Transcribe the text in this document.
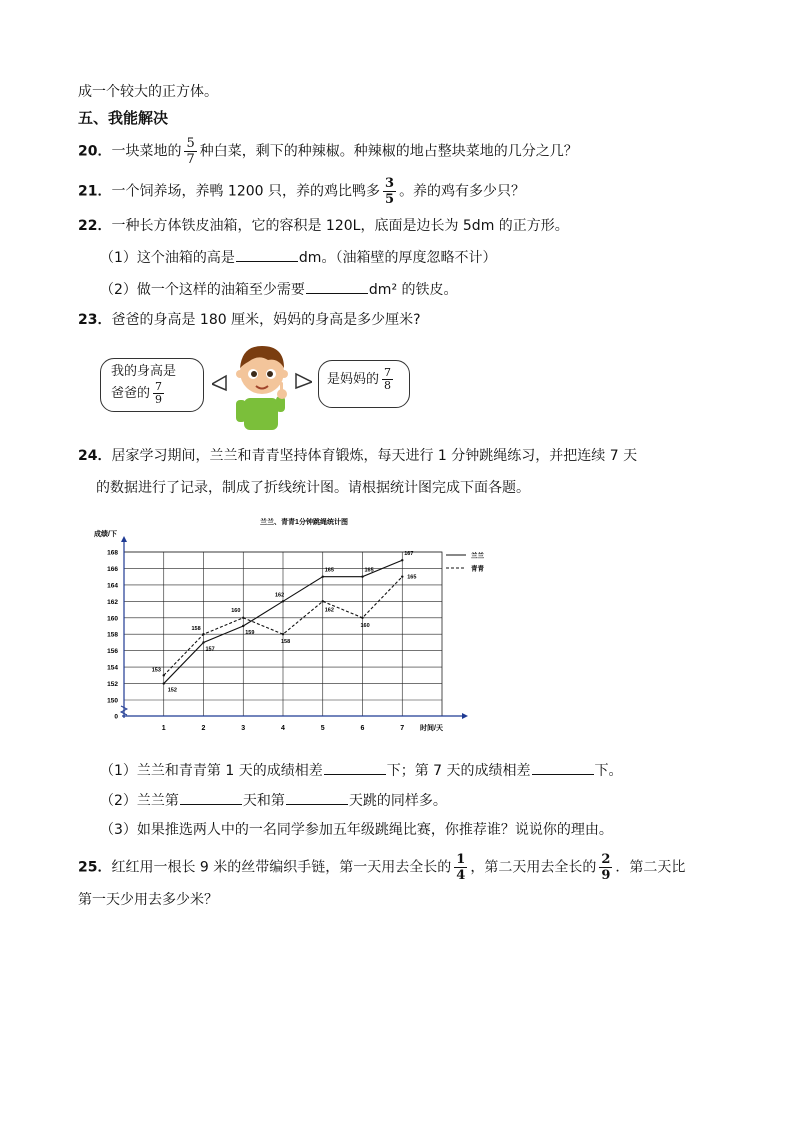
成一个较大的正方体。
五、我能解决
20．一块菜地的 $\frac{5}{7}$ 种白菜，剩下的种辣椒。种辣椒的地占整块菜地的几分之几？
21．一个饲养场，养鸭 1200 只，养的鸡比鸭多 $\frac{3}{5}$ 。养的鸡有多少只？
22．一种长方体铁皮油箱，它的容积是 120L，底面是边长为 5dm 的正方形。
（1）这个油箱的高是	dm。（油箱壁的厚度忽略不计）
（2）做一个这样的油箱至少需要	dm² 的铁皮。
23．爸爸的身高是 180 厘米，妈妈的身高是多少厘米?
我的身高是
爸爸的 $\frac{7}{9}$
是妈妈的 $\frac{7}{8}$
24．居家学习期间，兰兰和青青坚持体育锻炼，每天进行 1 分钟跳绳练习，并把连续 7 天
的数据进行了记录，制成了折线统计图。请根据统计图完成下面各题。
兰兰、青青1分钟跳绳统计图
成绩/下
时间/天
0
150
152
154
156
158
160
162
164
166
168
1	2	3	4	5	6	7
152
157
159
162
165	165
167
153
158
160
158
162
160
165
兰兰
青青
（1）兰兰和青青第 1 天的成绩相差	下；第 7 天的成绩相差	下。
（2）兰兰第	天和第	天跳的同样多。
（3）如果推选两人中的一名同学参加五年级跳绳比赛，你推荐谁？说说你的理由。
25．红红用一根长 9 米的丝带编织手链，第一天用去全长的 $\frac{1}{4}$ ，第二天用去全长的 $\frac{2}{9}$ ．第二天比
第一天少用去多少米？
